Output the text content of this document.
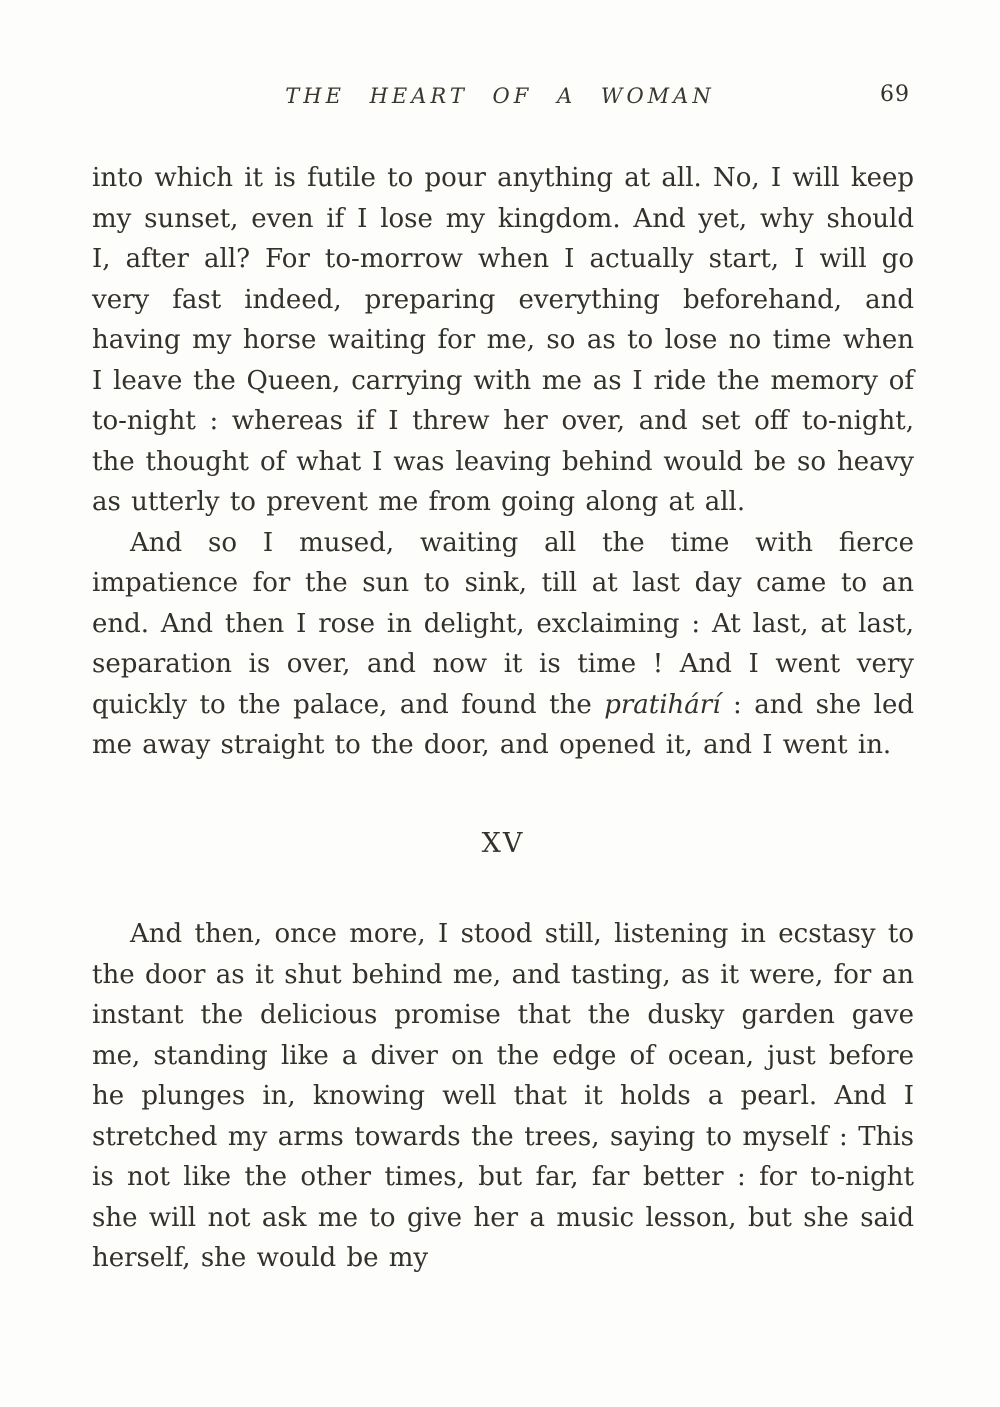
THE HEART OF A WOMAN	69

into which it is futile to pour anything at all. No, I will keep my sunset, even if I lose my kingdom. And yet, why should I, after all? For to-morrow when I actually start, I will go very fast indeed, preparing everything beforehand, and having my horse waiting for me, so as to lose no time when I leave the Queen, carrying with me as I ride the memory of to-night : whereas if I threw her over, and set off to-night, the thought of what I was leaving behind would be so heavy as utterly to prevent me from going along at all.

And so I mused, waiting all the time with fierce impatience for the sun to sink, till at last day came to an end. And then I rose in delight, exclaiming : At last, at last, separation is over, and now it is time ! And I went very quickly to the palace, and found the pratihárí : and she led me away straight to the door, and opened it, and I went in.

XV

And then, once more, I stood still, listening in ecstasy to the door as it shut behind me, and tasting, as it were, for an instant the delicious promise that the dusky garden gave me, standing like a diver on the edge of ocean, just before he plunges in, knowing well that it holds a pearl. And I stretched my arms towards the trees, saying to myself : This is not like the other times, but far, far better : for to-night she will not ask me to give her a music lesson, but she said herself, she would be my
